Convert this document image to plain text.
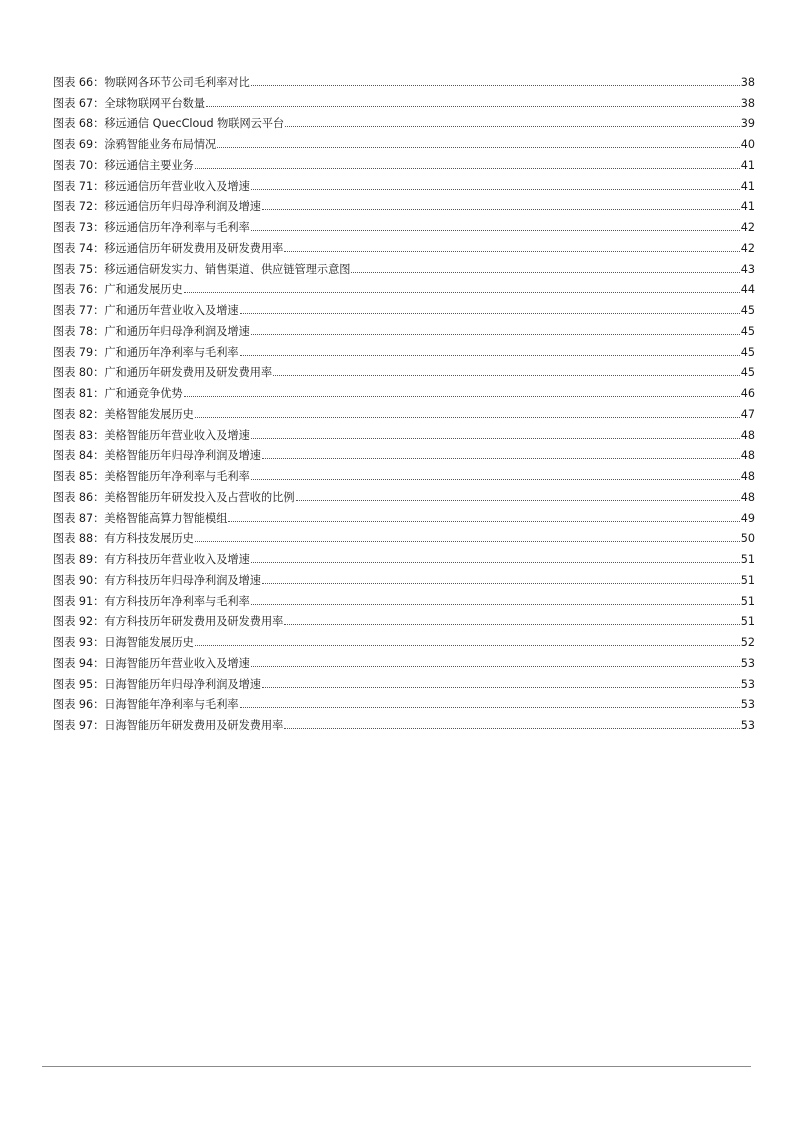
图表 66：物联网各环节公司毛利率对比	38
图表 67：全球物联网平台数量	38
图表 68：移远通信 QuecCloud 物联网云平台	39
图表 69：涂鸦智能业务布局情况	40
图表 70：移远通信主要业务	41
图表 71：移远通信历年营业收入及增速	41
图表 72：移远通信历年归母净利润及增速	41
图表 73：移远通信历年净利率与毛利率	42
图表 74：移远通信历年研发费用及研发费用率	42
图表 75：移远通信研发实力、销售渠道、供应链管理示意图	43
图表 76：广和通发展历史	44
图表 77：广和通历年营业收入及增速	45
图表 78：广和通历年归母净利润及增速	45
图表 79：广和通历年净利率与毛利率	45
图表 80：广和通历年研发费用及研发费用率	45
图表 81：广和通竞争优势	46
图表 82：美格智能发展历史	47
图表 83：美格智能历年营业收入及增速	48
图表 84：美格智能历年归母净利润及增速	48
图表 85：美格智能历年净利率与毛利率	48
图表 86：美格智能历年研发投入及占营收的比例	48
图表 87：美格智能高算力智能模组	49
图表 88：有方科技发展历史	50
图表 89：有方科技历年营业收入及增速	51
图表 90：有方科技历年归母净利润及增速	51
图表 91：有方科技历年净利率与毛利率	51
图表 92：有方科技历年研发费用及研发费用率	51
图表 93：日海智能发展历史	52
图表 94：日海智能历年营业收入及增速	53
图表 95：日海智能历年归母净利润及增速	53
图表 96：日海智能年净利率与毛利率	53
图表 97：日海智能历年研发费用及研发费用率	53
